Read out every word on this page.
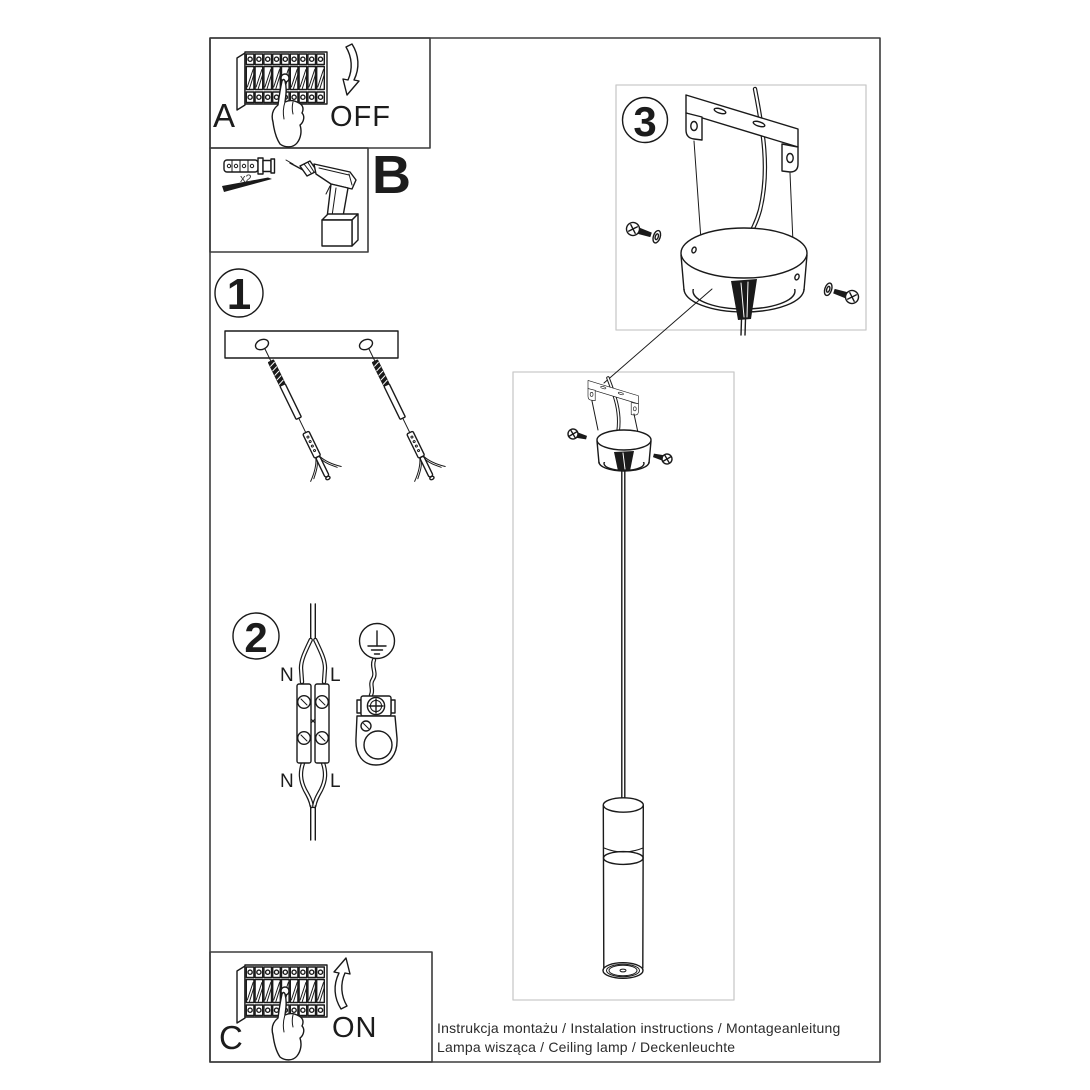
A	OFF
B
x2
1
2
3
N L
N L
C	ON	Instrukcja montażu / Instalation instructions / Montageanleitung
Lampa wisząca / Ceiling lamp / Deckenleuchte
